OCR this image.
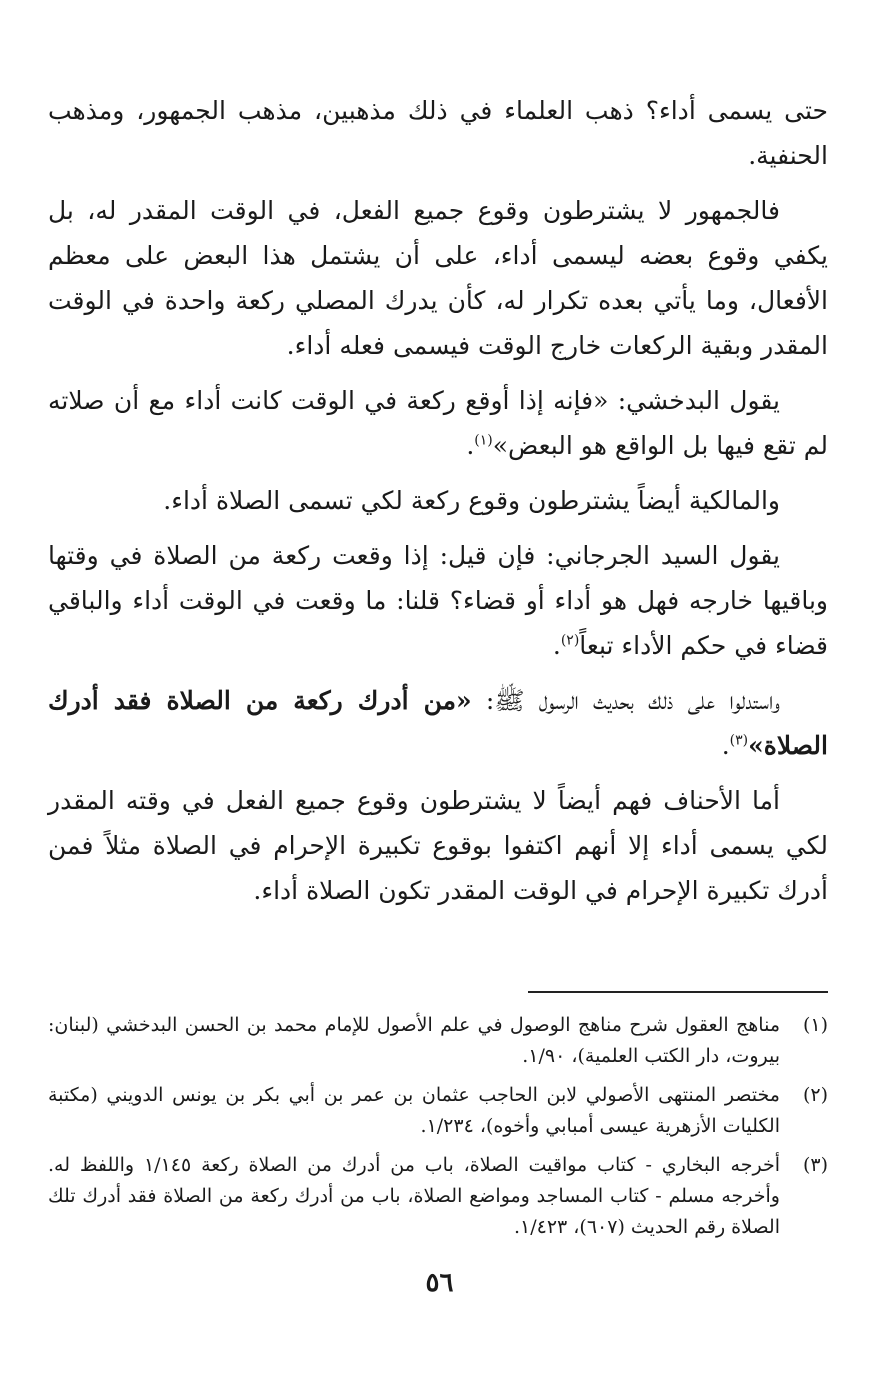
حتى يسمى أداء؟ ذهب العلماء في ذلك مذهبين، مذهب الجمهور، ومذهب الحنفية.

فالجمهور لا يشترطون وقوع جميع الفعل، في الوقت المقدر له، بل يكفي وقوع بعضه ليسمى أداء، على أن يشتمل هذا البعض على معظم الأفعال، وما يأتي بعده تكرار له، كأن يدرك المصلي ركعة واحدة في الوقت المقدر وبقية الركعات خارج الوقت فيسمى فعله أداء.

يقول البدخشي: «فإنه إذا أوقع ركعة في الوقت كانت أداء مع أن صلاته لم تقع فيها بل الواقع هو البعض»$^{(١)}$.

والمالكية أيضاً يشترطون وقوع ركعة لكي تسمى الصلاة أداء.

يقول السيد الجرجاني: فإن قيل: إذا وقعت ركعة من الصلاة في وقتها وباقيها خارجه فهل هو أداء أو قضاء؟ قلنا: ما وقعت في الوقت أداء والباقي قضاء في حكم الأداء تبعاً$^{(٢)}$.

واستدلوا على ذلك بحديث الرسول ﷺ: «من أدرك ركعة من الصلاة فقد أدرك الصلاة»$^{(٣)}$.

أما الأحناف فهم أيضاً لا يشترطون وقوع جميع الفعل في وقته المقدر لكي يسمى أداء إلا أنهم اكتفوا بوقوع تكبيرة الإحرام في الصلاة مثلاً فمن أدرك تكبيرة الإحرام في الوقت المقدر تكون الصلاة أداء.

(١)
مناهج العقول شرح مناهج الوصول في علم الأصول للإمام محمد بن الحسن البدخشي (لبنان: بيروت، دار الكتب العلمية)، ١/٩٠.
(٢)
مختصر المنتهى الأصولي لابن الحاجب عثمان بن عمر بن أبي بكر بن يونس الدويني (مكتبة الكليات الأزهرية عيسى أمبابي وأخوه)، ١/٢٣٤.
(٣)
أخرجه البخاري - كتاب مواقيت الصلاة، باب من أدرك من الصلاة ركعة ١/١٤٥ واللفظ له. وأخرجه مسلم - كتاب المساجد ومواضع الصلاة، باب من أدرك ركعة من الصلاة فقد أدرك تلك الصلاة رقم الحديث (٦٠٧)، ١/٤٢٣.
٥٦
